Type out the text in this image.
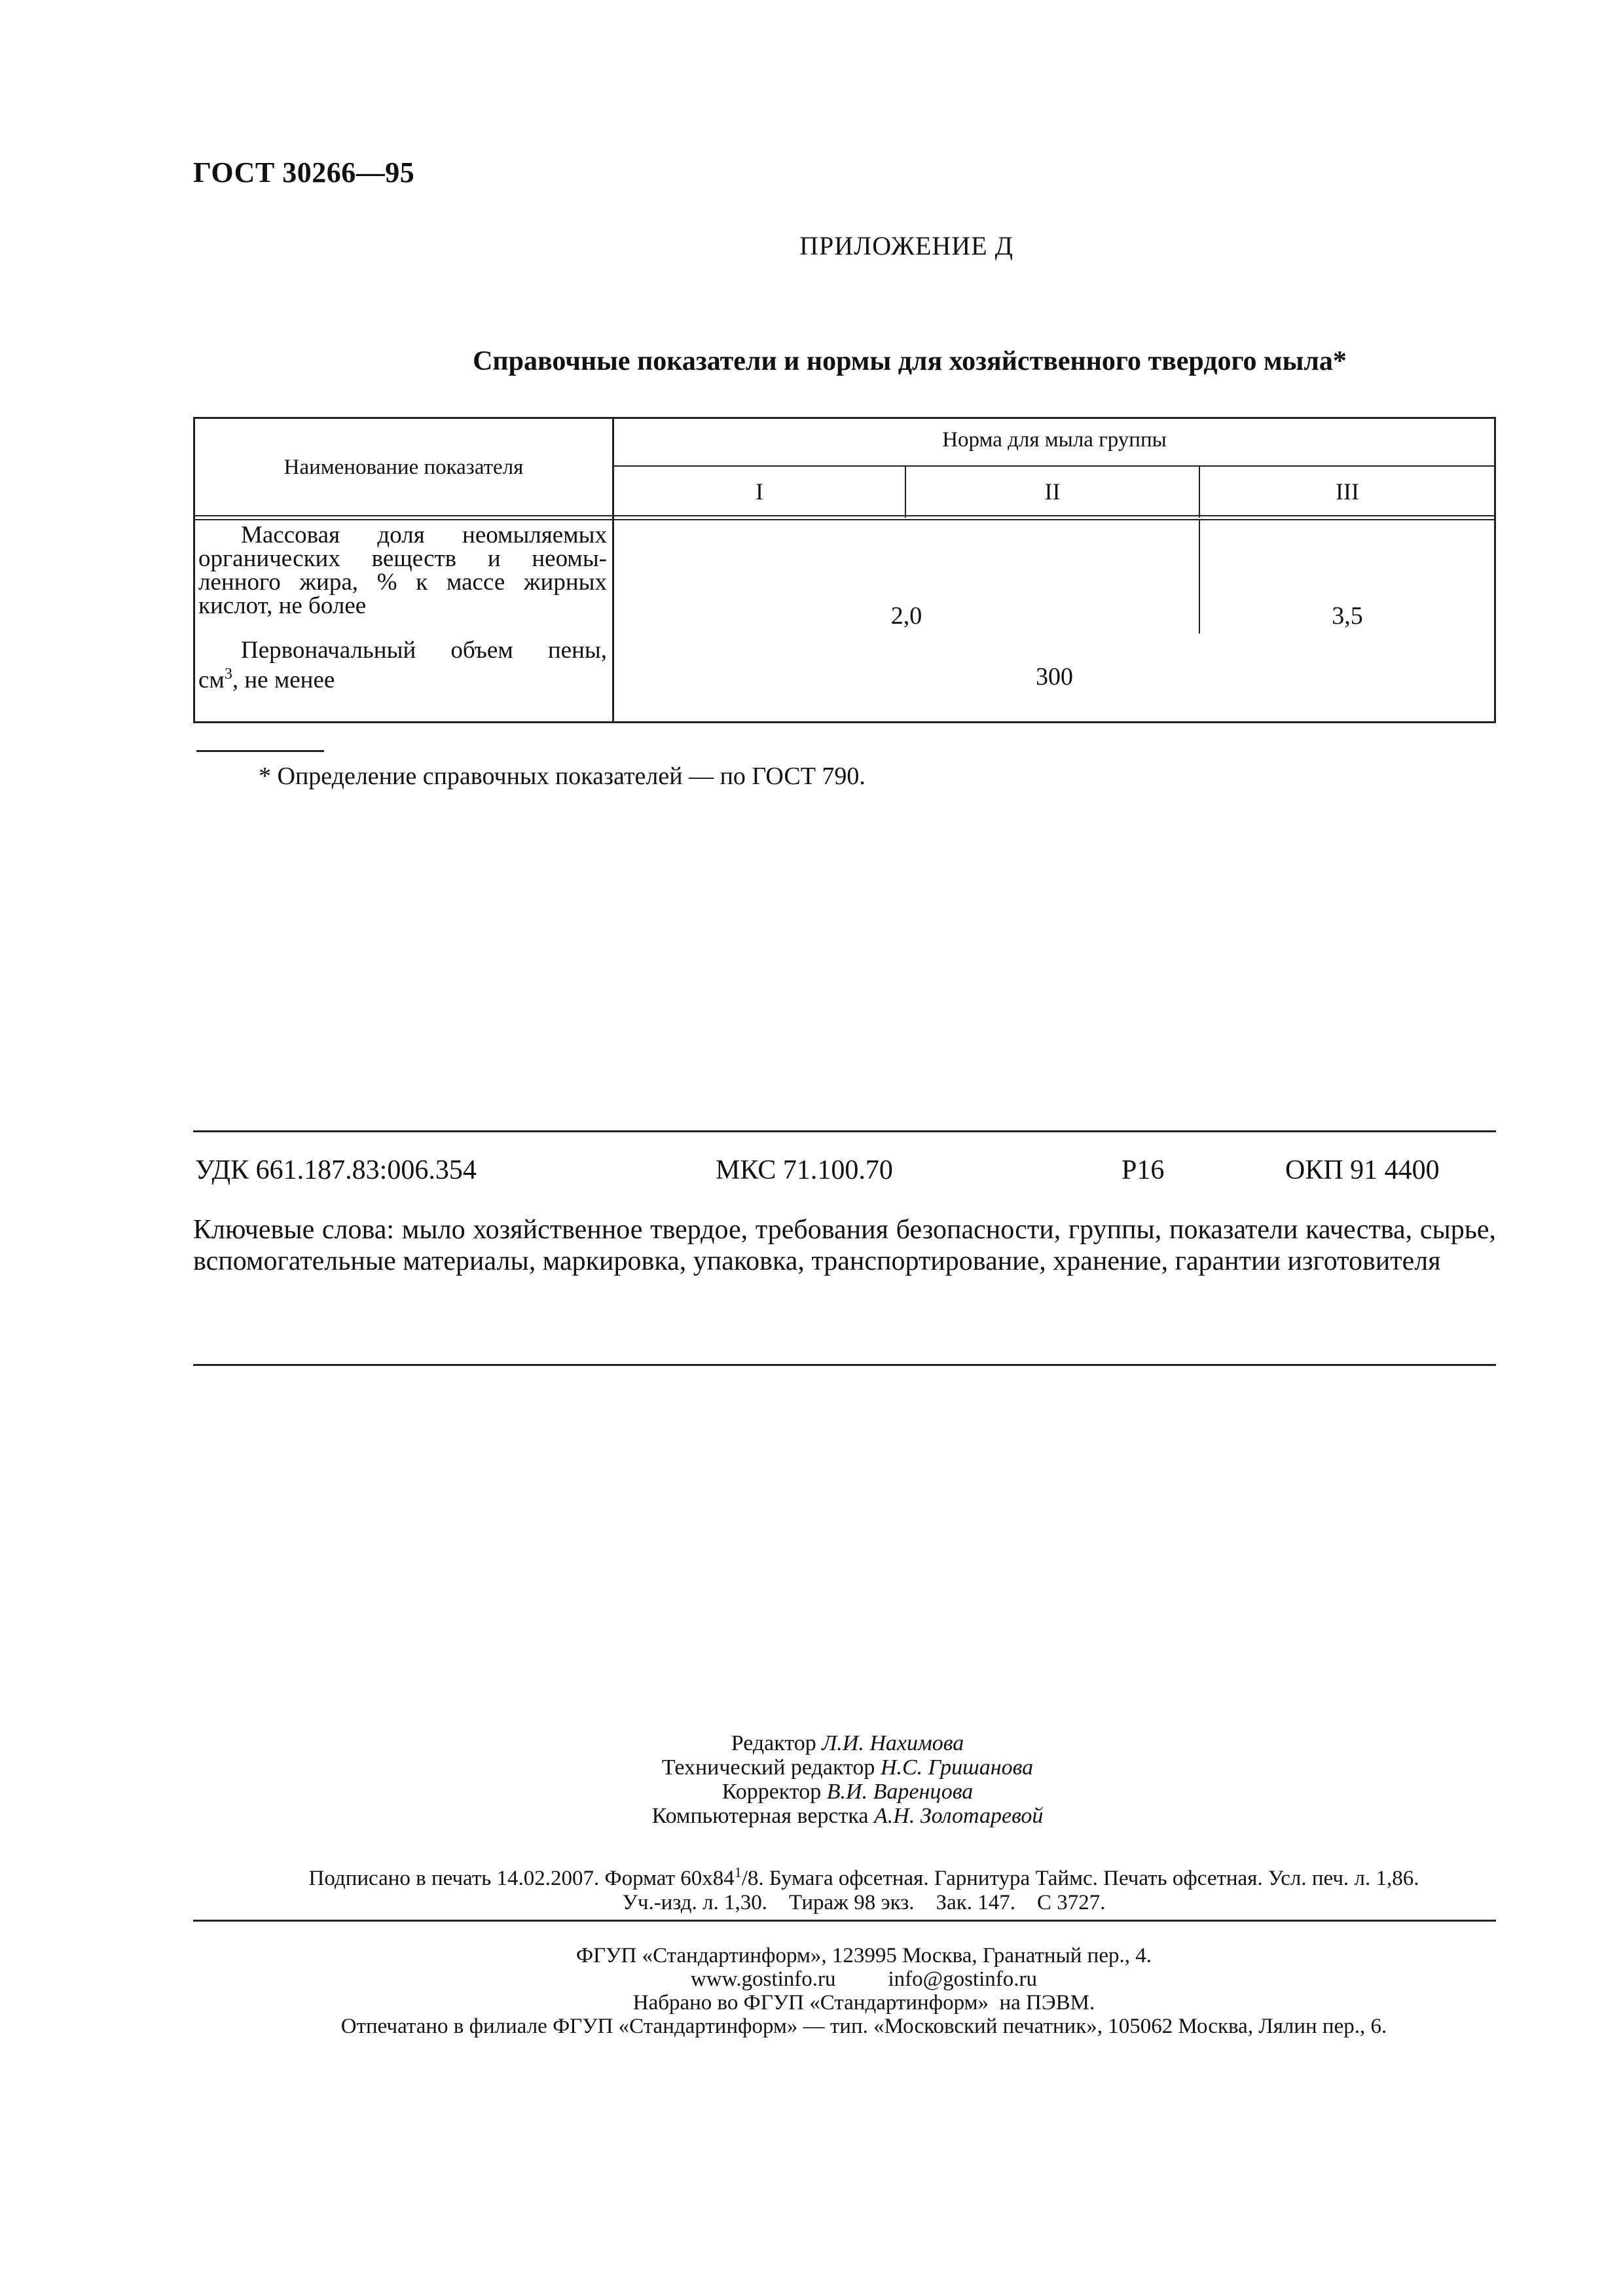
ГОСТ 30266—95
ПРИЛОЖЕНИЕ Д
Справочные показатели и нормы для хозяйственного твердого мыла*
Наименование показателя
Норма для мыла группы
I	II	III
Массовая доля неомыляемых
органических веществ и неомы-
ленного жира, % к массе жирных
кислот, не более	2,0	3,5
Первоначальный объем пены,
$см^3$, не менее	300
* Определение справочных показателей — по ГОСТ 790.
УДК 661.187.83:006.354	МКС 71.100.70	Р16	ОКП 91 4400
Ключевые слова: мыло хозяйственное твердое, требования безопасности, группы, показатели качества, сырье, вспомогательные материалы, маркировка, упаковка, транспортирование, хранение, гарантии изготовителя
Редактор Л.И. Нахимова
Технический редактор Н.С. Гришанова
Корректор В.И. Варенцова
Компьютерная верстка А.Н. Золотаревой
Подписано в печать 14.02.2007. Формат $60х84^1/8$. Бумага офсетная. Гарнитура Таймс. Печать офсетная. Усл. печ. л. 1,86.
Уч.-изд. л. 1,30.    Тираж 98 экз.    Зак. 147.    С 3727.
ФГУП «Стандартинформ», 123995 Москва, Гранатный пер., 4.
www.gostinfo.ru info@gostinfo.ru
Набрано во ФГУП «Стандартинформ»  на ПЭВМ.
Отпечатано в филиале ФГУП «Стандартинформ» — тип. «Московский печатник», 105062 Москва, Лялин пер., 6.
